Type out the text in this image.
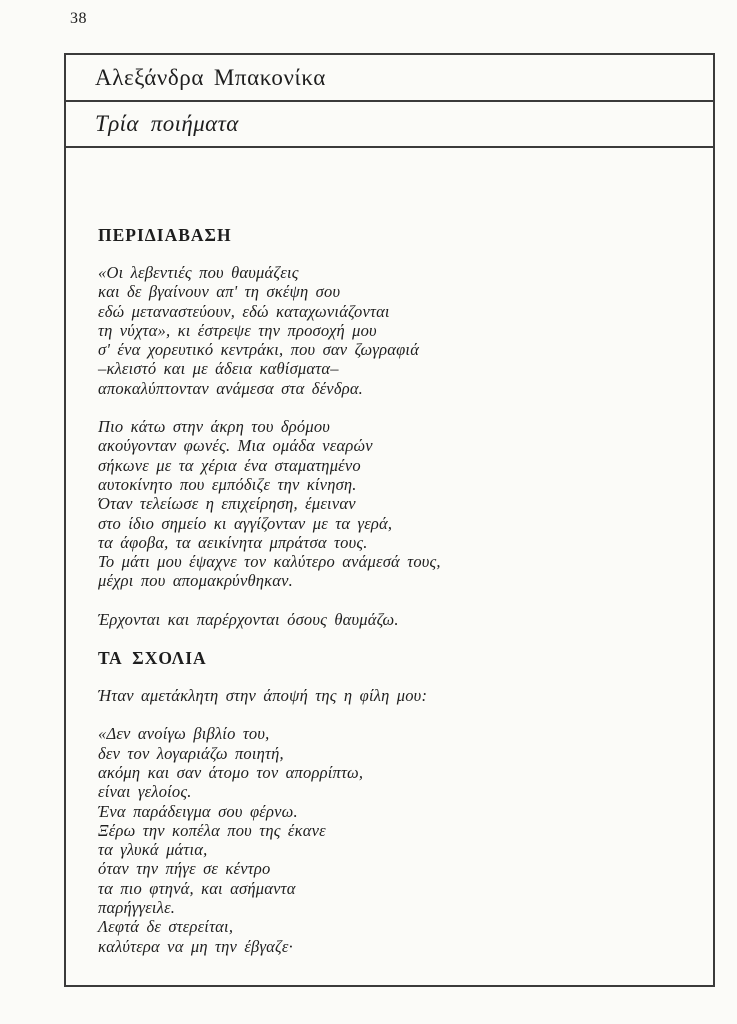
38
Αλεξάνδρα Μπακονίκα
Τρία ποιήματα
ΠΕΡΙΔΙΑΒΑΣΗ
«Οι λεβεντιές που θαυμάζεις
και δε βγαίνουν απ' τη σκέψη σου
εδώ μεταναστεύουν, εδώ καταχωνιάζονται
τη νύχτα», κι έστρεψε την προσοχή μου
σ' ένα χορευτικό κεντράκι, που σαν ζωγραφιά
–κλειστό και με άδεια καθίσματα–
αποκαλύπτονταν ανάμεσα στα δένδρα.
Πιο κάτω στην άκρη του δρόμου
ακούγονταν φωνές. Μια ομάδα νεαρών
σήκωνε με τα χέρια ένα σταματημένο
αυτοκίνητο που εμπόδιζε την κίνηση.
Όταν τελείωσε η επιχείρηση, έμειναν
στο ίδιο σημείο κι αγγίζονταν με τα γερά,
τα άφοβα, τα αεικίνητα μπράτσα τους.
Το μάτι μου έψαχνε τον καλύτερο ανάμεσά τους,
μέχρι που απομακρύνθηκαν.
Έρχονται και παρέρχονται όσους θαυμάζω.
ΤΑ ΣΧΟΛΙΑ
Ήταν αμετάκλητη στην άποψή της η φίλη μου:
«Δεν ανοίγω βιβλίο του,
δεν τον λογαριάζω ποιητή,
ακόμη και σαν άτομο τον απορρίπτω,
είναι γελοίος.
Ένα παράδειγμα σου φέρνω.
Ξέρω την κοπέλα που της έκανε
τα γλυκά μάτια,
όταν την πήγε σε κέντρο
τα πιο φτηνά, και ασήμαντα
παρήγγειλε.
Λεφτά δε στερείται,
καλύτερα να μη την έβγαζε·
